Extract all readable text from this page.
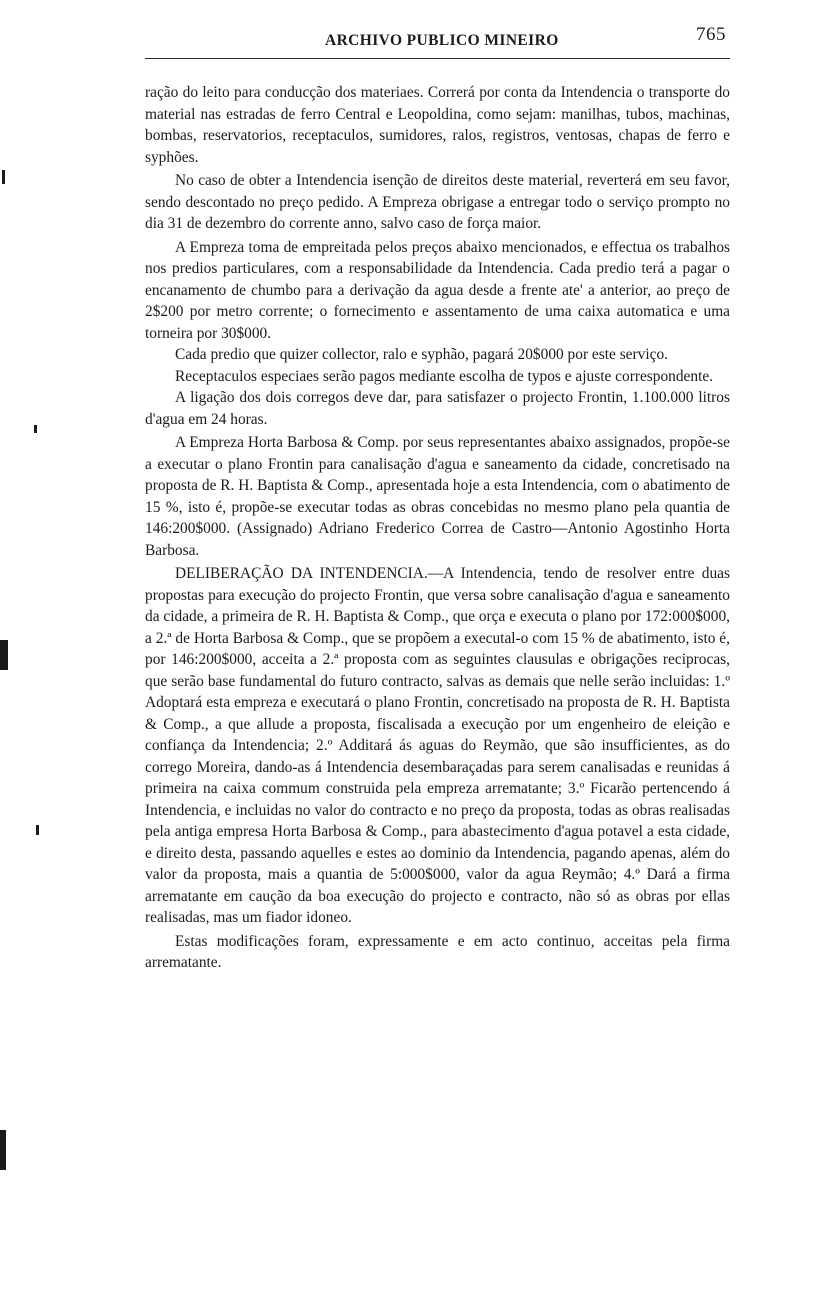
ARCHIVO PUBLICO MINEIRO	765

ração do leito para conducção dos materiaes. Correrá por conta da Intendencia o transporte do material nas estradas de ferro Central e Leopoldina, como sejam: manilhas, tubos, machinas, bombas, reservatorios, receptaculos, sumidores, ralos, registros, ventosas, chapas de ferro e syphões.

No caso de obter a Intendencia isenção de direitos deste material, reverterá em seu favor, sendo descontado no preço pedido. A Empreza obrigase a entregar todo o serviço prompto no dia 31 de dezembro do corrente anno, salvo caso de força maior.

A Empreza toma de empreitada pelos preços abaixo mencionados, e effectua os trabalhos nos predios particulares, com a responsabilidade da Intendencia. Cada predio terá a pagar o encanamento de chumbo para a derivação da agua desde a frente ate' a anterior, ao preço de 2$200 por metro corrente; o fornecimento e assentamento de uma caixa automatica e uma torneira por 30$000.

Cada predio que quizer collector, ralo e syphão, pagará 20$000 por este serviço.

Receptaculos especiaes serão pagos mediante escolha de typos e ajuste correspondente.

A ligação dos dois corregos deve dar, para satisfazer o projecto Frontin, 1.100.000 litros d'agua em 24 horas.

A Empreza Horta Barbosa & Comp. por seus representantes abaixo assignados, propõe-se a executar o plano Frontin para canalisação d'agua e saneamento da cidade, concretisado na proposta de R. H. Baptista & Comp., apresentada hoje a esta Intendencia, com o abatimento de 15 %, isto é, propõe-se executar todas as obras concebidas no mesmo plano pela quantia de 146:200$000. (Assignado) Adriano Frederico Correa de Castro—Antonio Agostinho Horta Barbosa.

DELIBERAÇÃO DA INTENDENCIA.—A Intendencia, tendo de resolver entre duas propostas para execução do projecto Frontin, que versa sobre canalisação d'agua e saneamento da cidade, a primeira de R. H. Baptista & Comp., que orça e executa o plano por 172:000$000, a 2.ª de Horta Barbosa & Comp., que se propõem a executal-o com 15 % de abatimento, isto é, por 146:200$000, acceita a 2.ª proposta com as seguintes clausulas e obrigações reciprocas, que serão base fundamental do futuro contracto, salvas as demais que nelle serão incluidas: 1.º Adoptará esta empreza e executará o plano Frontin, concretisado na proposta de R. H. Baptista & Comp., a que allude a proposta, fiscalisada a execução por um engenheiro de eleição e confiança da Intendencia; 2.º Additará ás aguas do Reymão, que são insufficientes, as do corrego Moreira, dando-as á Intendencia desembaraçadas para serem canalisadas e reunidas á primeira na caixa commum construida pela empreza arrematante; 3.º Ficarão pertencendo á Intendencia, e incluidas no valor do contracto e no preço da proposta, todas as obras realisadas pela antiga empresa Horta Barbosa & Comp., para abastecimento d'agua potavel a esta cidade, e direito desta, passando aquelles e estes ao dominio da Intendencia, pagando apenas, além do valor da proposta, mais a quantia de 5:000$000, valor da agua Reymão; 4.º Dará a firma arrematante em caução da boa execução do projecto e contracto, não só as obras por ellas realisadas, mas um fiador idoneo.

Estas modificações foram, expressamente e em acto continuo, acceitas pela firma arrematante.
